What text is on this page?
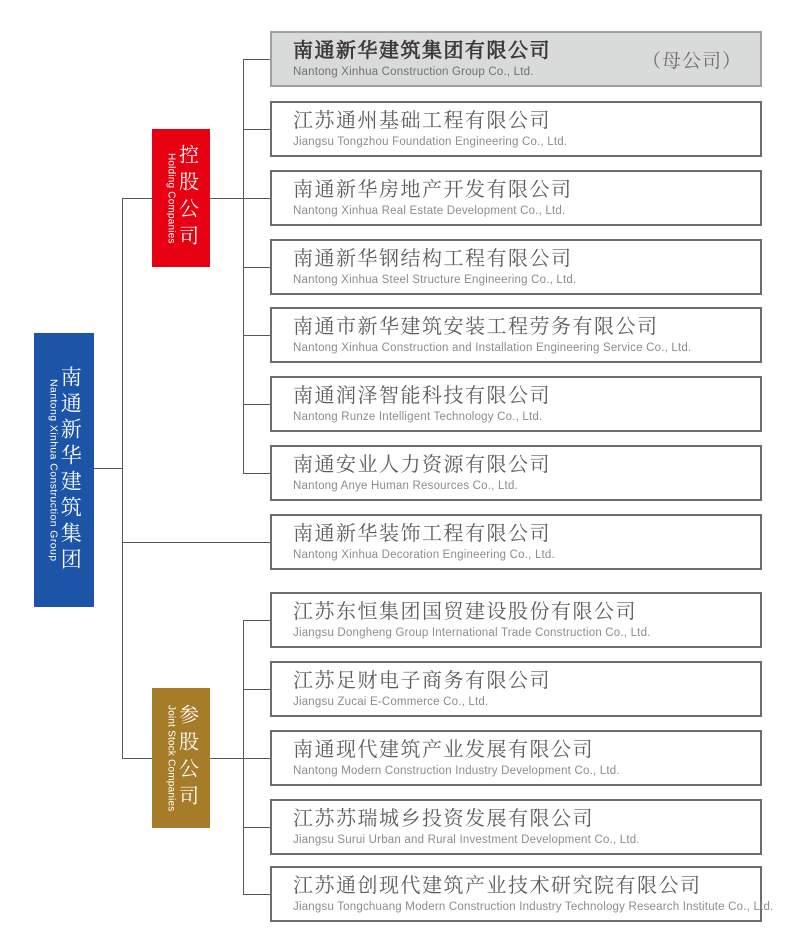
Nantong Xinhua Construction Group 南通新华建筑集团
Holding Companies 控股公司
Joint Stock Companies 参股公司
南通新华建筑集团有限公司
Nantong Xinhua Construction Group Co., Ltd.
（母公司）
江苏通州基础工程有限公司
Jiangsu Tongzhou Foundation Engineering Co., Ltd.
南通新华房地产开发有限公司
Nantong Xinhua Real Estate Development Co., Ltd.
南通新华钢结构工程有限公司
Nantong Xinhua Steel Structure Engineering Co., Ltd.
南通市新华建筑安装工程劳务有限公司
Nantong Xinhua Construction and Installation Engineering Service Co., Ltd.
南通润泽智能科技有限公司
Nantong Runze Intelligent Technology Co., Ltd.
南通安业人力资源有限公司
Nantong Anye Human Resources Co., Ltd.
南通新华装饰工程有限公司
Nantong Xinhua Decoration Engineering Co., Ltd.
江苏东恒集团国贸建设股份有限公司
Jiangsu Dongheng Group International Trade Construction Co., Ltd.
江苏足财电子商务有限公司
Jiangsu Zucai E-Commerce Co., Ltd.
南通现代建筑产业发展有限公司
Nantong Modern Construction Industry Development Co., Ltd.
江苏苏瑞城乡投资发展有限公司
Jiangsu Surui Urban and Rural Investment Development Co., Ltd.
江苏通创现代建筑产业技术研究院有限公司
Jiangsu Tongchuang Modern Construction Industry Technology Research Institute Co., Ltd.
